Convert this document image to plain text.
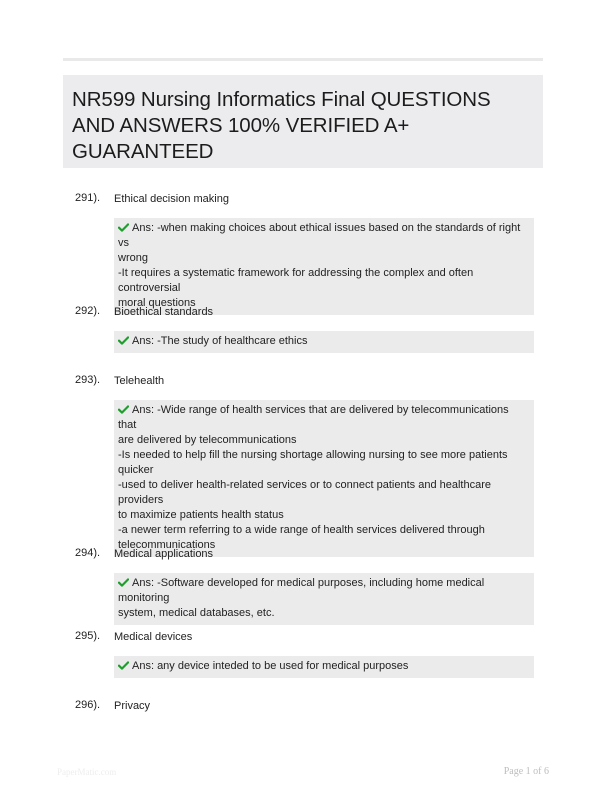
NR599 Nursing Informatics Final QUESTIONS AND ANSWERS 100% VERIFIED A+ GUARANTEED
291). Ethical decision making
Ans: -when making choices about ethical issues based on the standards of right vs
wrong
-It requires a systematic framework for addressing the complex and often controversial
moral questions
292). Bioethical standards
Ans: -The study of healthcare ethics
293). Telehealth
Ans: -Wide range of health services that are delivered by telecommunications that
are delivered by telecommunications
-Is needed to help fill the nursing shortage allowing nursing to see more patients
quicker
-used to deliver health-related services or to connect patients and healthcare providers
to maximize patients health status
-a newer term referring to a wide range of health services delivered through
telecommunications
294). Medical applications
Ans: -Software developed for medical purposes, including home medical monitoring
system, medical databases, etc.
295). Medical devices
Ans: any device inteded to be used for medical purposes
296). Privacy
PaperMatic.com	Page 1 of 6
